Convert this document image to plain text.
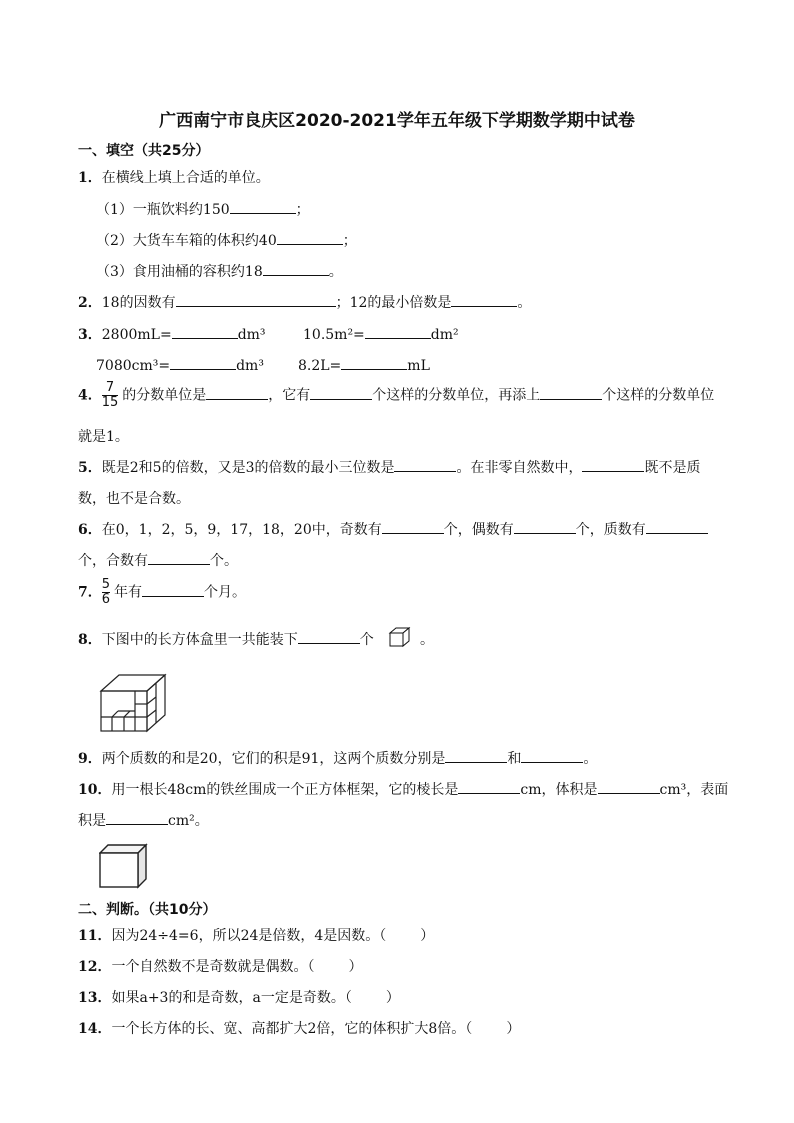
广西南宁市良庆区2020-2021学年五年级下学期数学期中试卷
一、填空（共25分）
1．在横线上填上合适的单位。
（1）一瓶饮料约150	；
（2）大货车车箱的体积约40	；
（3）食用油桶的容积约18	。
2．18的因数有	；12的最小倍数是	。
3．2800mL=	dm³	10.5m²=	dm²
7080cm³=	dm³ 8.2L=	mL
4． $\frac{7}{15}$ 的分数单位是	，它有	个这样的分数单位，再添上	个这样的分数单位
就是1。
5．既是2和5的倍数，又是3的倍数的最小三位数是	。在非零自然数中，	既不是质
数，也不是合数。
6．在0，1，2，5，9，17，18，20中，奇数有	个，偶数有	个，质数有
个，合数有	个。
7． $\frac{5}{6}$ 年有	个月。
8．下图中的长方体盒里一共能装下	个	。
9．两个质数的和是20，它们的积是91，这两个质数分别是	和	。
10．用一根长48cm的铁丝围成一个正方体框架，它的棱长是	cm，体积是	cm³，表面
积是	cm²。
二、判断。（共10分）
11．因为24÷4=6，所以24是倍数，4是因数。（ ）
12．一个自然数不是奇数就是偶数。（ ）
13．如果a+3的和是奇数，a一定是奇数。（ ）
14．一个长方体的长、宽、高都扩大2倍，它的体积扩大8倍。（ ）
